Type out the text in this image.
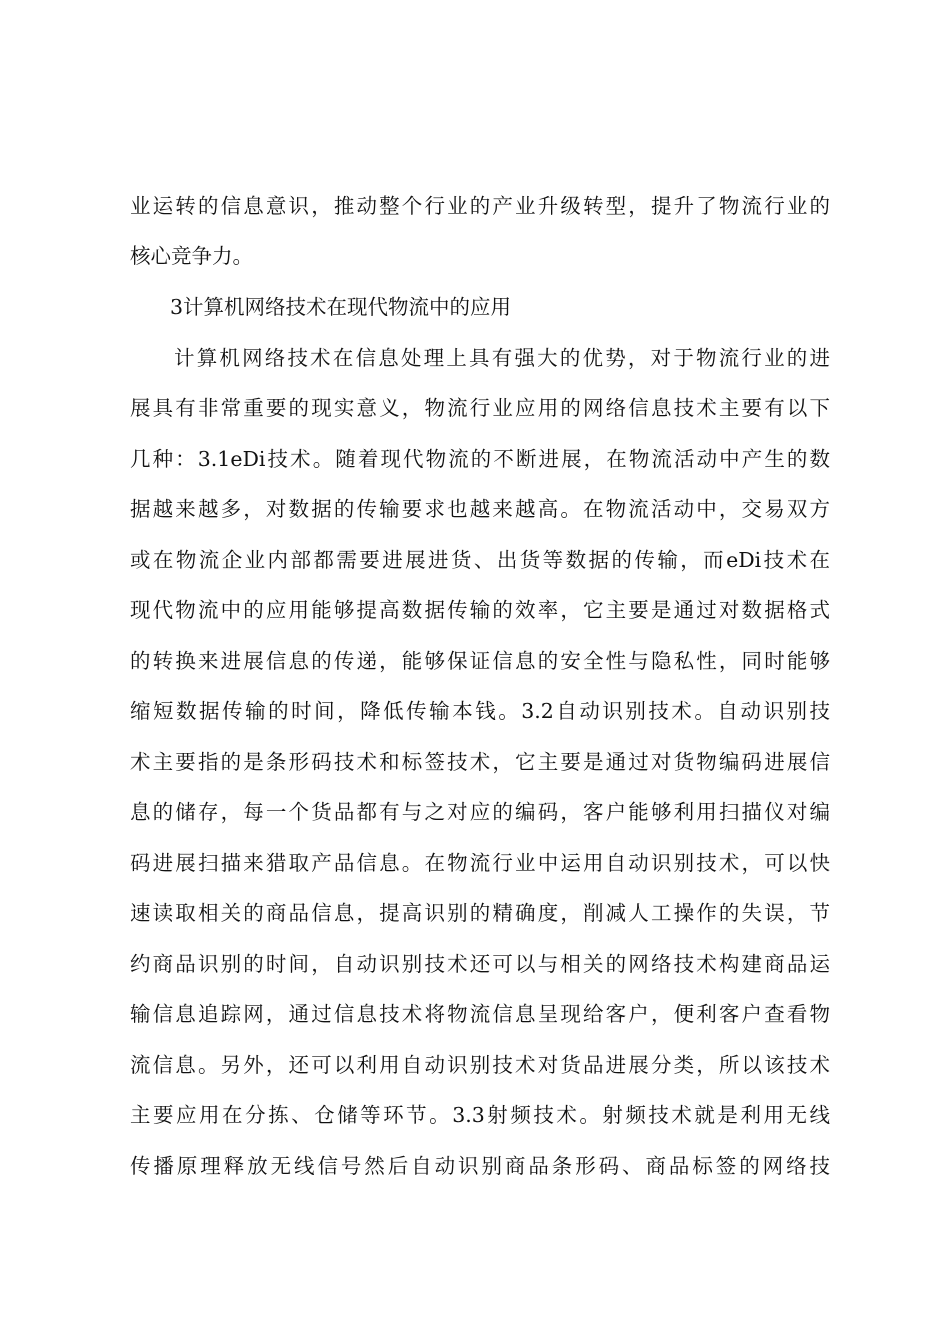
业运转的信息意识，推动整个行业的产业升级转型，提升了物流行业的
核心竞争力。
3计算机网络技术在现代物流中的应用
计算机网络技术在信息处理上具有强大的优势，对于物流行业的进
展具有非常重要的现实意义，物流行业应用的网络信息技术主要有以下
几种：3.1eDi技术。随着现代物流的不断进展，在物流活动中产生的数
据越来越多，对数据的传输要求也越来越高。在物流活动中，交易双方
或在物流企业内部都需要进展进货、出货等数据的传输，而eDi技术在
现代物流中的应用能够提高数据传输的效率，它主要是通过对数据格式
的转换来进展信息的传递，能够保证信息的安全性与隐私性，同时能够
缩短数据传输的时间，降低传输本钱。3.2自动识别技术。自动识别技
术主要指的是条形码技术和标签技术，它主要是通过对货物编码进展信
息的储存，每一个货品都有与之对应的编码，客户能够利用扫描仪对编
码进展扫描来猎取产品信息。在物流行业中运用自动识别技术，可以快
速读取相关的商品信息，提高识别的精确度，削减人工操作的失误，节
约商品识别的时间，自动识别技术还可以与相关的网络技术构建商品运
输信息追踪网，通过信息技术将物流信息呈现给客户，便利客户查看物
流信息。另外，还可以利用自动识别技术对货品进展分类，所以该技术
主要应用在分拣、仓储等环节。3.3射频技术。射频技术就是利用无线
传播原理释放无线信号然后自动识别商品条形码、商品标签的网络技
